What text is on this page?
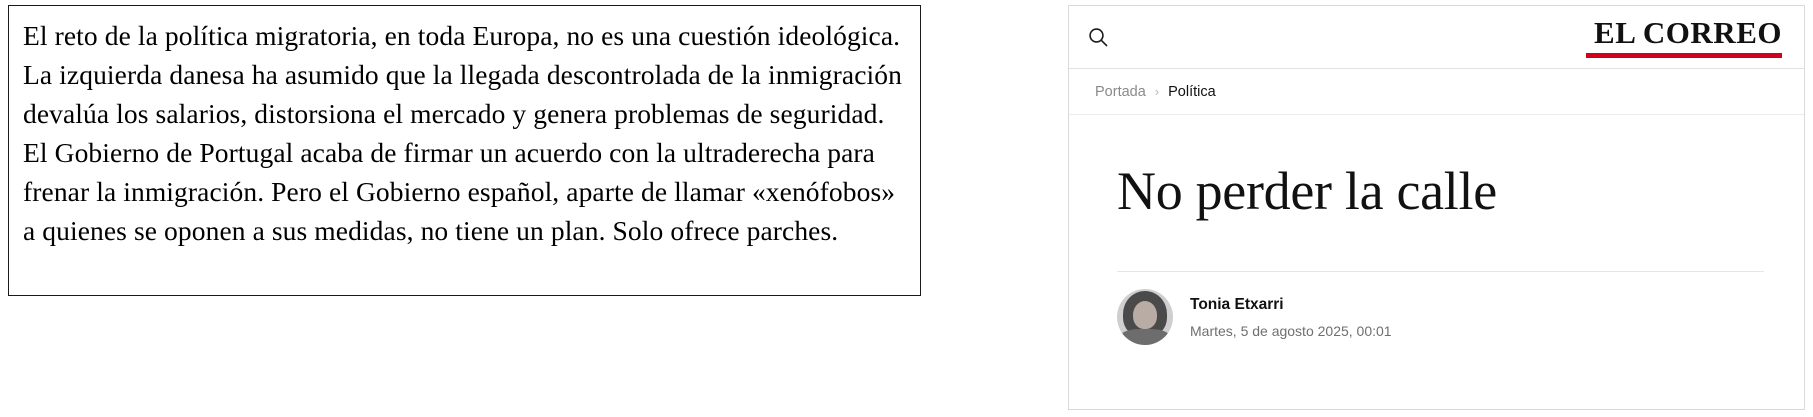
El reto de la política migratoria, en toda Europa, no es una cuestión ideológica. La izquierda danesa ha asumido que la llegada descontrolada de la inmigración devalúa los salarios, distorsiona el mercado y genera problemas de seguridad. El Gobierno de Portugal acaba de firmar un acuerdo con la ultraderecha para frenar la inmigración. Pero el Gobierno español, aparte de llamar «xenófobos» a quienes se oponen a sus medidas, no tiene un plan. Solo ofrece parches.
EL CORREO
Portada › Política
No perder la calle
Tonia Etxarri
Martes, 5 de agosto 2025, 00:01
